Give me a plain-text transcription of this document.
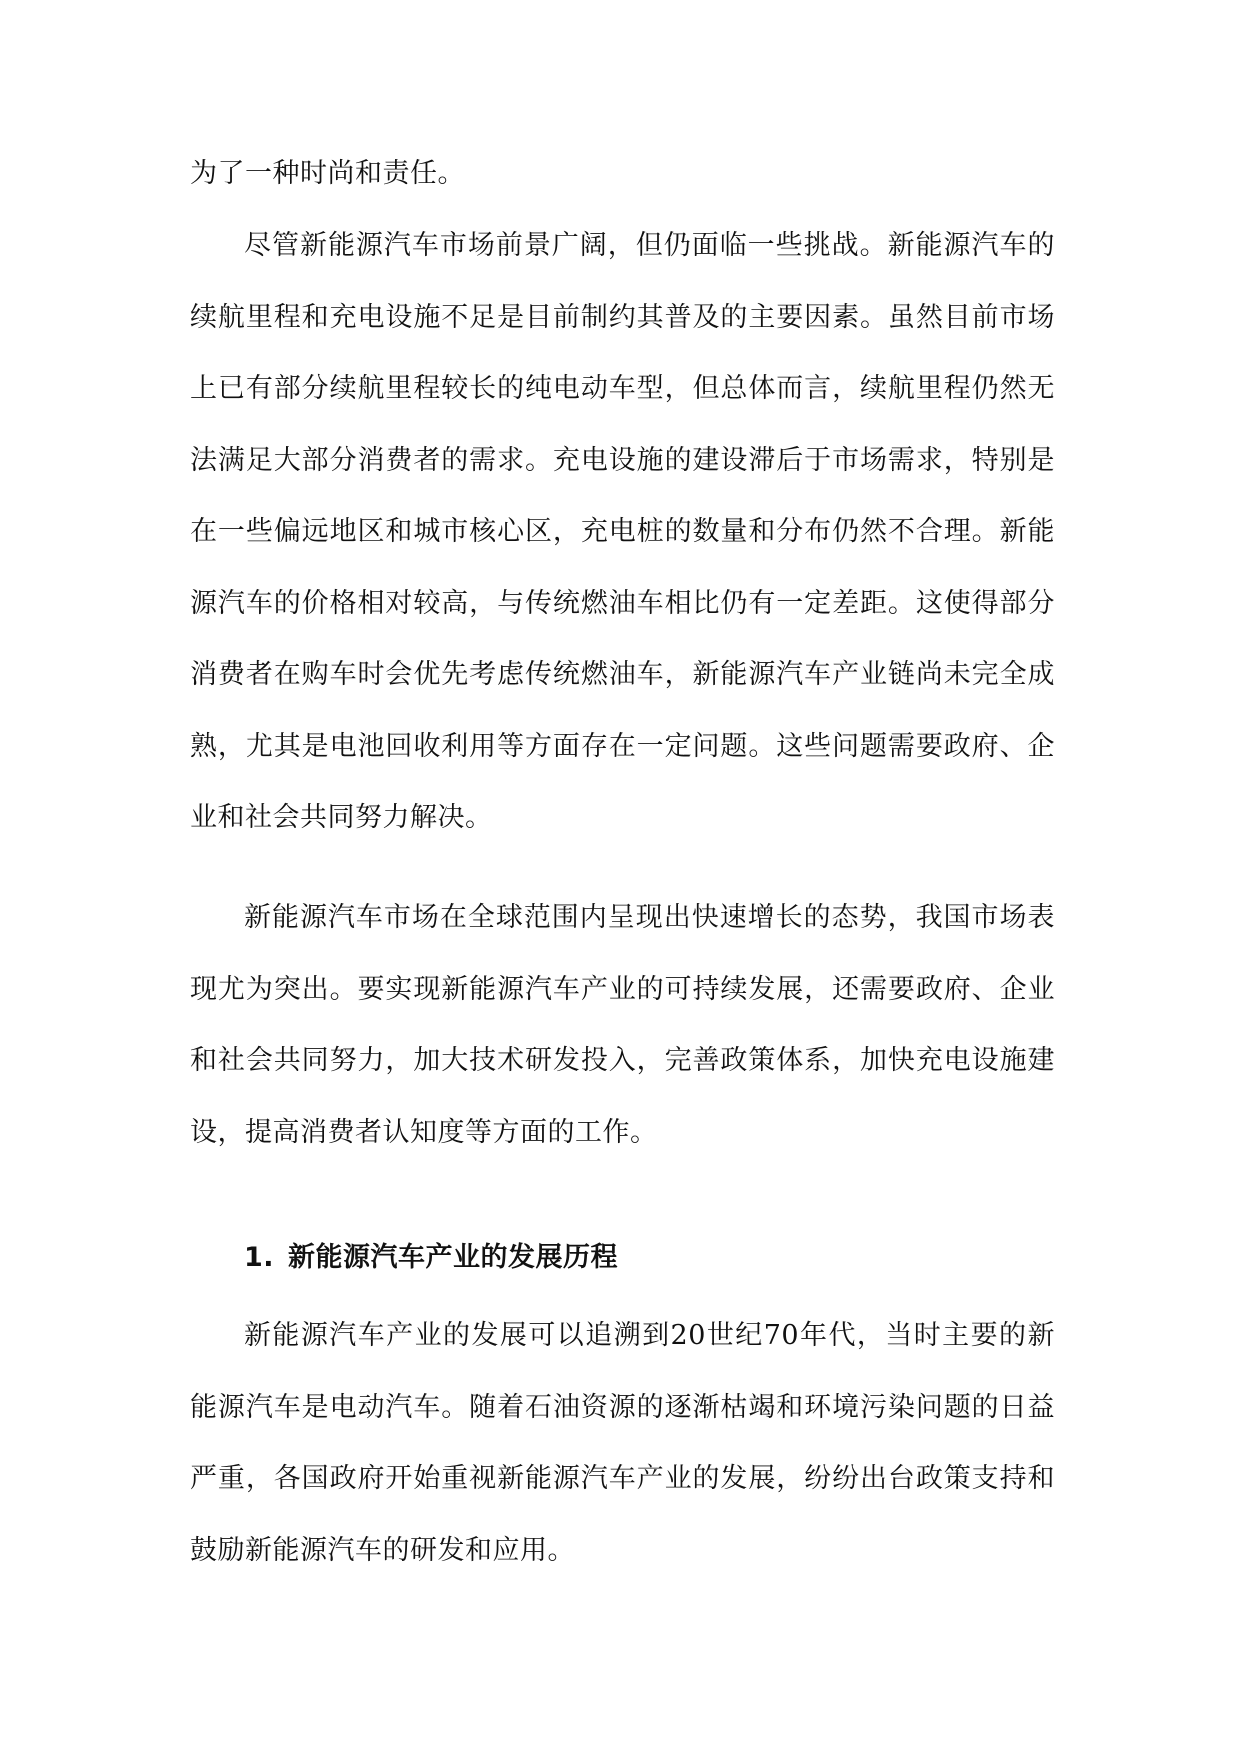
为了一种时尚和责任。

尽管新能源汽车市场前景广阔，但仍面临一些挑战。新能源汽车的续航里程和充电设施不足是目前制约其普及的主要因素。虽然目前市场上已有部分续航里程较长的纯电动车型，但总体而言，续航里程仍然无法满足大部分消费者的需求。充电设施的建设滞后于市场需求，特别是在一些偏远地区和城市核心区，充电桩的数量和分布仍然不合理。新能源汽车的价格相对较高，与传统燃油车相比仍有一定差距。这使得部分消费者在购车时会优先考虑传统燃油车，新能源汽车产业链尚未完全成熟，尤其是电池回收利用等方面存在一定问题。这些问题需要政府、企业和社会共同努力解决。

新能源汽车市场在全球范围内呈现出快速增长的态势，我国市场表现尤为突出。要实现新能源汽车产业的可持续发展，还需要政府、企业和社会共同努力，加大技术研发投入，完善政策体系，加快充电设施建设，提高消费者认知度等方面的工作。

1. 新能源汽车产业的发展历程

新能源汽车产业的发展可以追溯到20世纪70年代，当时主要的新能源汽车是电动汽车。随着石油资源的逐渐枯竭和环境污染问题的日益严重，各国政府开始重视新能源汽车产业的发展，纷纷出台政策支持和鼓励新能源汽车的研发和应用。
